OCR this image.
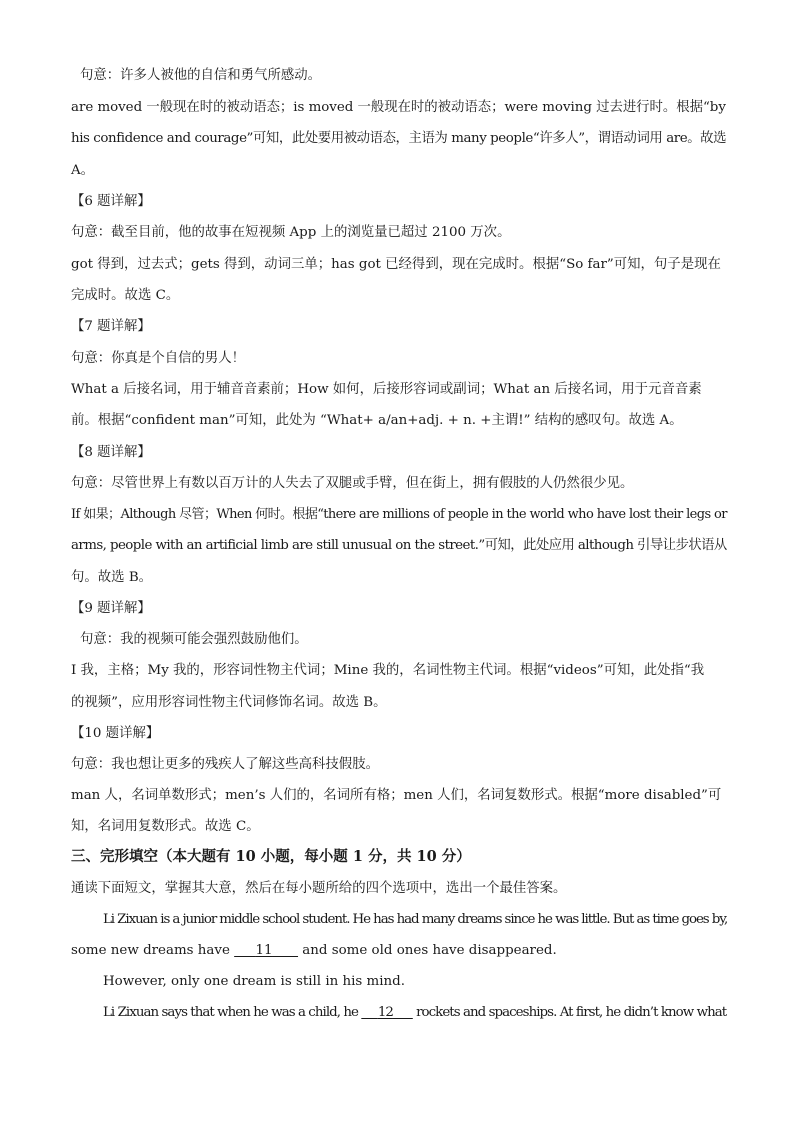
句意：许多人被他的自信和勇气所感动。
are moved 一般现在时的被动语态；is moved 一般现在时的被动语态；were moving 过去进行时。根据“by
his confidence and courage”可知，此处要用被动语态，主语为 many people“许多人”，谓语动词用 are。故选
A。
【6 题详解】
句意：截至目前，他的故事在短视频 App 上的浏览量已超过 2100 万次。
got 得到，过去式；gets 得到，动词三单；has got 已经得到，现在完成时。根据“So far”可知，句子是现在
完成时。故选 C。
【7 题详解】
句意：你真是个自信的男人！
What a 后接名词，用于辅音音素前；How 如何，后接形容词或副词；What an 后接名词，用于元音音素
前。根据“confident man”可知，此处为 “What+ a/an+adj. + n. +主谓!” 结构的感叹句。故选 A。
【8 题详解】
句意：尽管世界上有数以百万计的人失去了双腿或手臂，但在街上，拥有假肢的人仍然很少见。
If 如果；Although 尽管；When 何时。根据“there are millions of people in the world who have lost their legs or
arms, people with an artificial limb are still unusual on the street.”可知，此处应用 although 引导让步状语从
句。故选 B。
【9 题详解】
句意：我的视频可能会强烈鼓励他们。
I 我，主格；My 我的，形容词性物主代词；Mine 我的，名词性物主代词。根据“videos”可知，此处指“我
的视频”，应用形容词性物主代词修饰名词。故选 B。
【10 题详解】
句意：我也想让更多的残疾人了解这些高科技假肢。
man 人，名词单数形式；men’s 人们的，名词所有格；men 人们，名词复数形式。根据“more disabled”可
知，名词用复数形式。故选 C。
三、完形填空（本大题有 10 小题，每小题 1 分，共 10 分）
通读下面短文，掌握其大意，然后在每小题所给的四个选项中，选出一个最佳答案。
Li Zixuan is a junior middle school student. He has had many dreams since he was little. But as time goes by,
some new dreams have      11       and some old ones have disappeared.
However, only one dream is still in his mind.
Li Zixuan says that when he was a child, he      12       rockets and spaceships. At first, he didn’t know what
